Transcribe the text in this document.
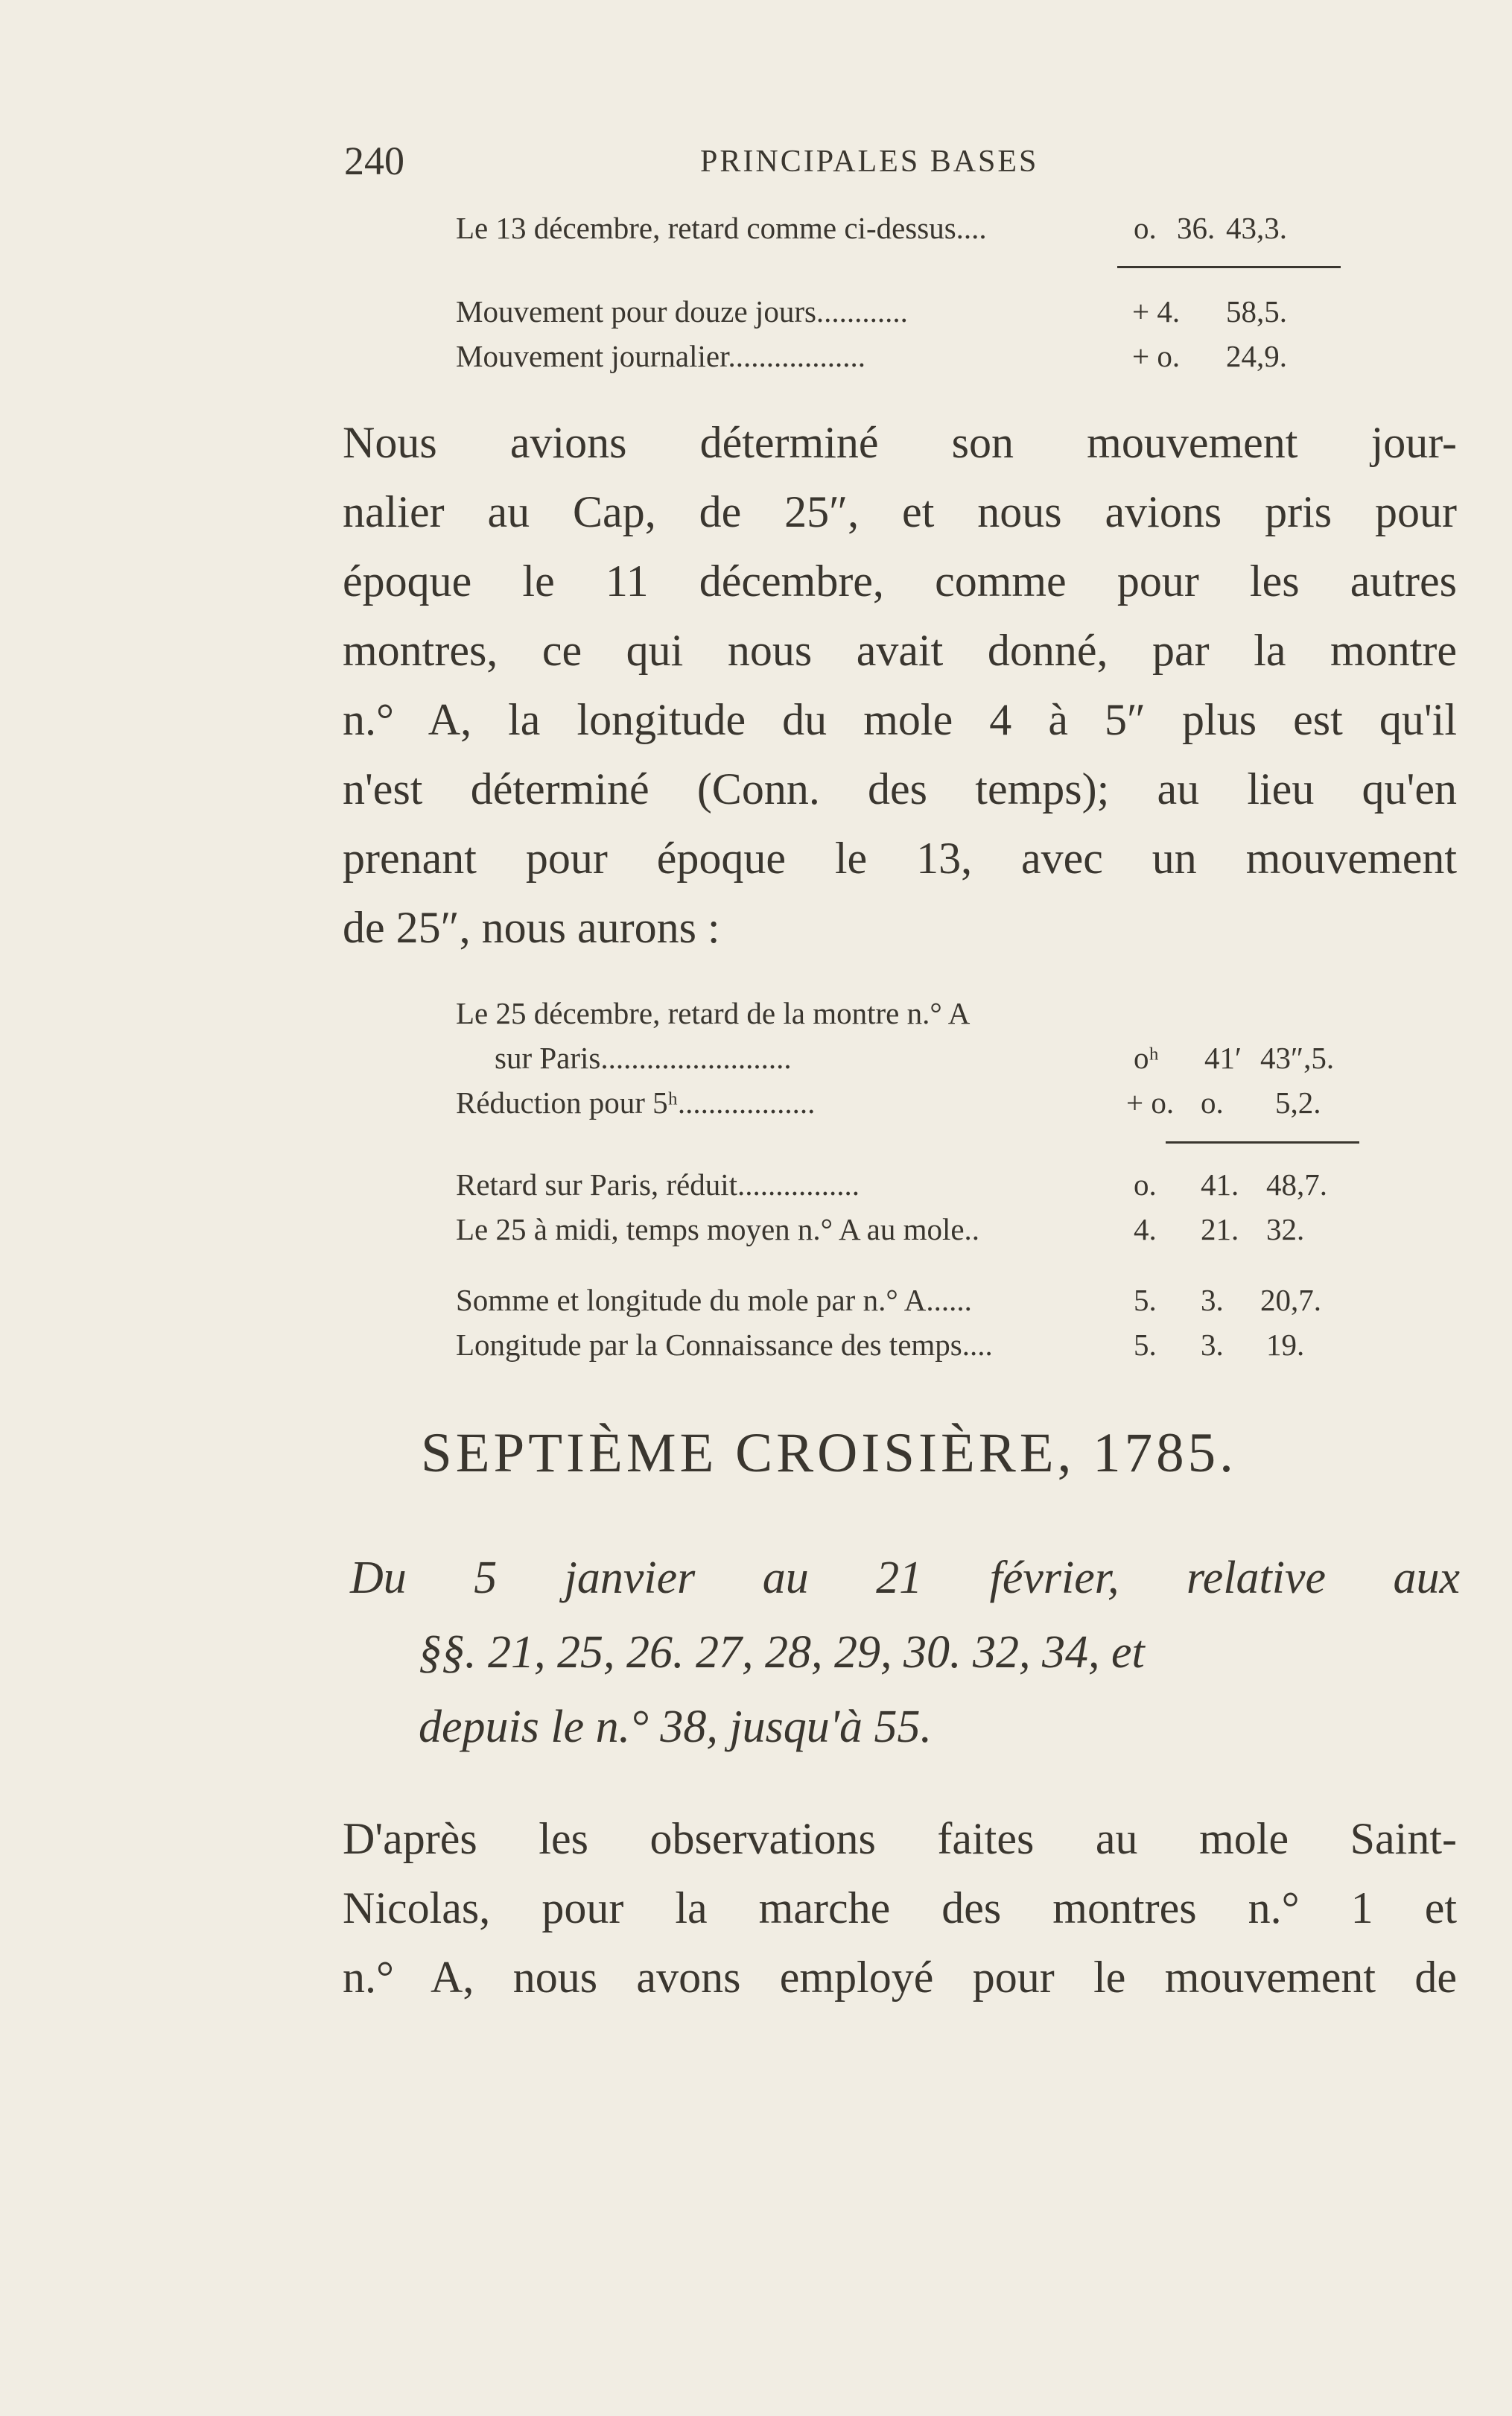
240	PRINCIPALES BASES
Le 13 décembre, retard comme ci-dessus....	o. 36. 43,3.
Mouvement pour douze jours............	+ 4. 58,5.
Mouvement journalier..................	+ o. 24,9.

Nous avions déterminé son mouvement jour-
nalier au Cap, de 25″, et nous avions pris pour
époque le 11 décembre, comme pour les autres
montres, ce qui nous avait donné, par la montre
n.° A, la longitude du mole 4 à 5″ plus est qu'il
n'est déterminé (Conn. des temps); au lieu qu'en
prenant pour époque le 13, avec un mouvement
de 25″, nous aurons :

Le 25 décembre, retard de la montre n.° A
sur Paris.........................	oʰ 41′ 43″,5.
Réduction pour 5ʰ..................	+ o. o. 5,2.
Retard sur Paris, réduit................	o. 41. 48,7.
Le 25 à midi, temps moyen n.° A au mole..	4. 21. 32.
Somme et longitude du mole par n.° A......	5. 3. 20,7.
Longitude par la Connaissance des temps....	5. 3. 19.
SEPTIÈME CROISIÈRE, 1785.

Du 5 janvier au 21 février, relative aux
§§. 21, 25, 26. 27, 28, 29, 30. 32, 34, et
depuis le n.° 38, jusqu'à 55.

D'après les observations faites au mole Saint-
Nicolas, pour la marche des montres n.° 1 et
n.° A, nous avons employé pour le mouvement de
